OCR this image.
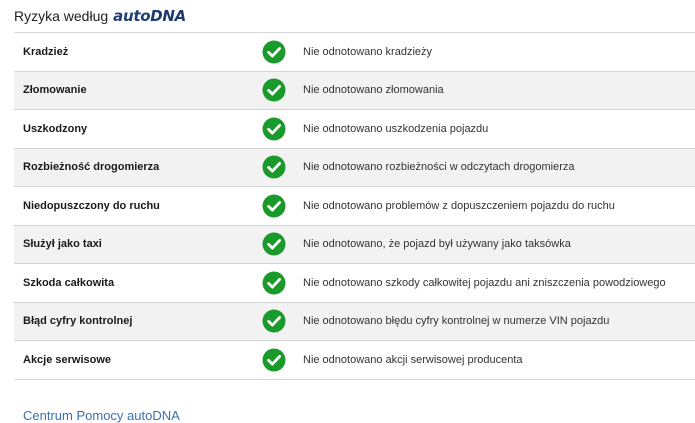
Ryzyka według autoDNA
Kradzież	Nie odnotowano kradzieży
Złomowanie	Nie odnotowano złomowania
Uszkodzony	Nie odnotowano uszkodzenia pojazdu
Rozbieżność drogomierza	Nie odnotowano rozbieżności w odczytach drogomierza
Niedopuszczony do ruchu	Nie odnotowano problemów z dopuszczeniem pojazdu do ruchu
Służył jako taxi	Nie odnotowano, że pojazd był używany jako taksówka
Szkoda całkowita	Nie odnotowano szkody całkowitej pojazdu ani zniszczenia powodziowego
Błąd cyfry kontrolnej	Nie odnotowano błędu cyfry kontrolnej w numerze VIN pojazdu
Akcje serwisowe	Nie odnotowano akcji serwisowej producenta
Centrum Pomocy autoDNA
